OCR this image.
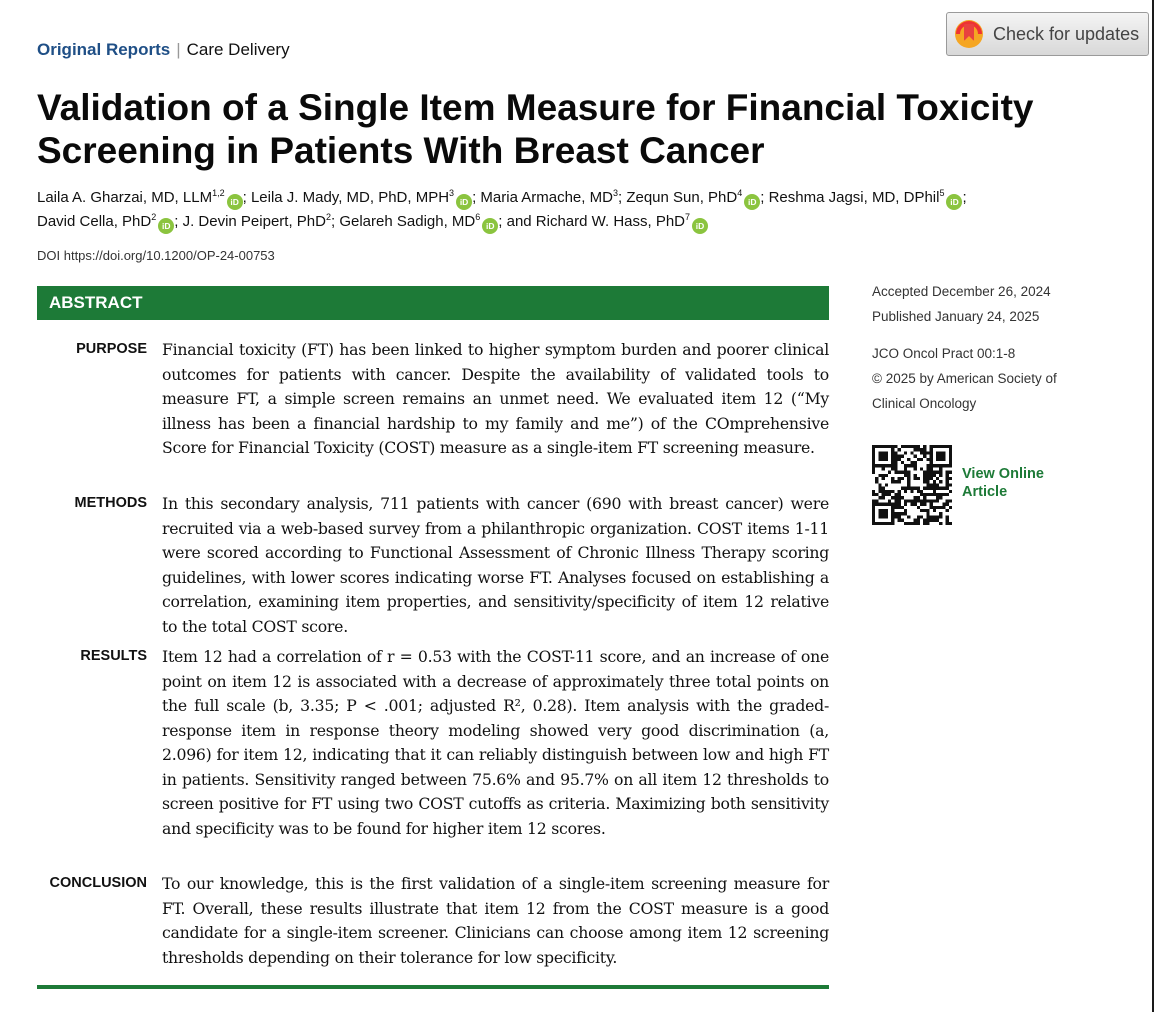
Original Reports | Care Delivery
Check for updates
Validation of a Single Item Measure for Financial Toxicity Screening in Patients With Breast Cancer
Laila A. Gharzai, MD, LLM$^{1,2}$iD ; Leila J. Mady, MD, PhD, MPH$^3$iD ; Maria Armache, $MD^3$; Zequn Sun, PhD$^4$iD ; Reshma Jagsi, MD, DPhil$^5$iD ;
David Cella, PhD$^2$iD ; J. Devin Peipert, PhD$^2$; Gelareh Sadigh, $MD^6iD$ ; and Richard W. Hass, PhD$^7$iD
DOI https://doi.org/10.1200/OP-24-00753
ABSTRACT
PURPOSE Financial toxicity (FT) has been linked to higher symptom burden and poorer clinical outcomes for patients with cancer. Despite the availability of validated tools to measure FT, a simple screen remains an unmet need. We evaluated item 12 (“My illness has been a financial hardship to my family and me”) of the COmprehensive Score for Financial Toxicity (COST) measure as a single-item FT screening measure.

METHODS In this secondary analysis, 711 patients with cancer (690 with breast cancer) were recruited via a web-based survey from a philanthropic organization. COST items 1-11 were scored according to Functional Assessment of Chronic Illness Therapy scoring guidelines, with lower scores indicating worse FT. Analyses focused on establishing a correlation, examining item properties, and sensitivity/specificity of item 12 relative to the total COST score.

RESULTS Item 12 had a correlation of r = 0.53 with the COST-11 score, and an increase of one point on item 12 is associated with a decrease of approximately three total points on the full scale (b, 3.35; P < .001; adjusted R², 0.28). Item analysis with the graded-response item in response theory modeling showed very good discrimination (a, 2.096) for item 12, indicating that it can reliably distinguish between low and high FT in patients. Sensitivity ranged between 75.6% and 95.7% on all item 12 thresholds to screen positive for FT using two COST cutoffs as criteria. Maximizing both sensitivity and specificity was to be found for higher item 12 scores.

CONCLUSION To our knowledge, this is the first validation of a single-item screening measure for FT. Overall, these results illustrate that item 12 from the COST measure is a good candidate for a single-item screener. Clinicians can choose among item 12 screening thresholds depending on their tolerance for low specificity.

Accepted December 26, 2024
Published January 24, 2025
JCO Oncol Pract 00:1-8
© 2025 by American Society of
Clinical Oncology
View Online
Article
